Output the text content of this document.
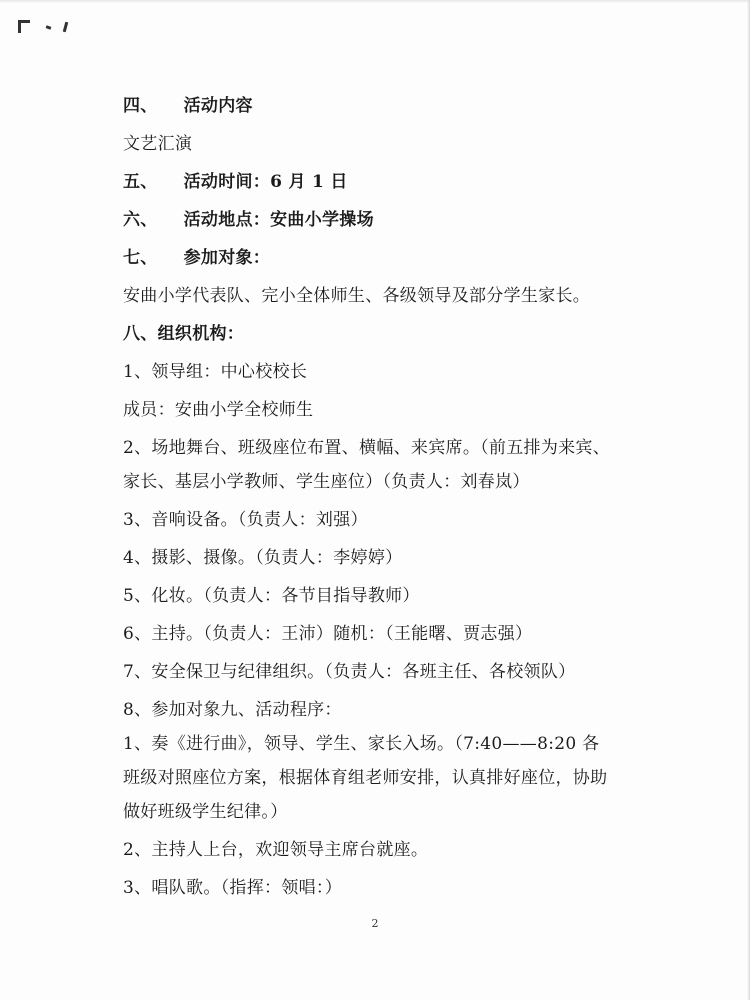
四、 活动内容
文艺汇演
五、 活动时间：6 月 1 日
六、 活动地点：安曲小学操场
七、 参加对象：
安曲小学代表队、完小全体师生、各级领导及部分学生家长。
八、组织机构：
1、领导组：中心校校长
成员：安曲小学全校师生
2、场地舞台、班级座位布置、横幅、来宾席。（前五排为来宾、
家长、基层小学教师、学生座位）（负责人：刘春岚）
3、音响设备。（负责人：刘强）
4、摄影、摄像。（负责人：李婷婷）
5、化妆。（负责人：各节目指导教师）
6、主持。（负责人：王沛）随机：（王能曙、贾志强）
7、安全保卫与纪律组织。（负责人：各班主任、各校领队）
8、参加对象九、活动程序：
1、奏《进行曲》，领导、学生、家长入场。（7:40——8:20 各
班级对照座位方案，根据体育组老师安排，认真排好座位，协助
做好班级学生纪律。）
2、主持人上台，欢迎领导主席台就座。
3、唱队歌。（指挥：领唱：）
2
